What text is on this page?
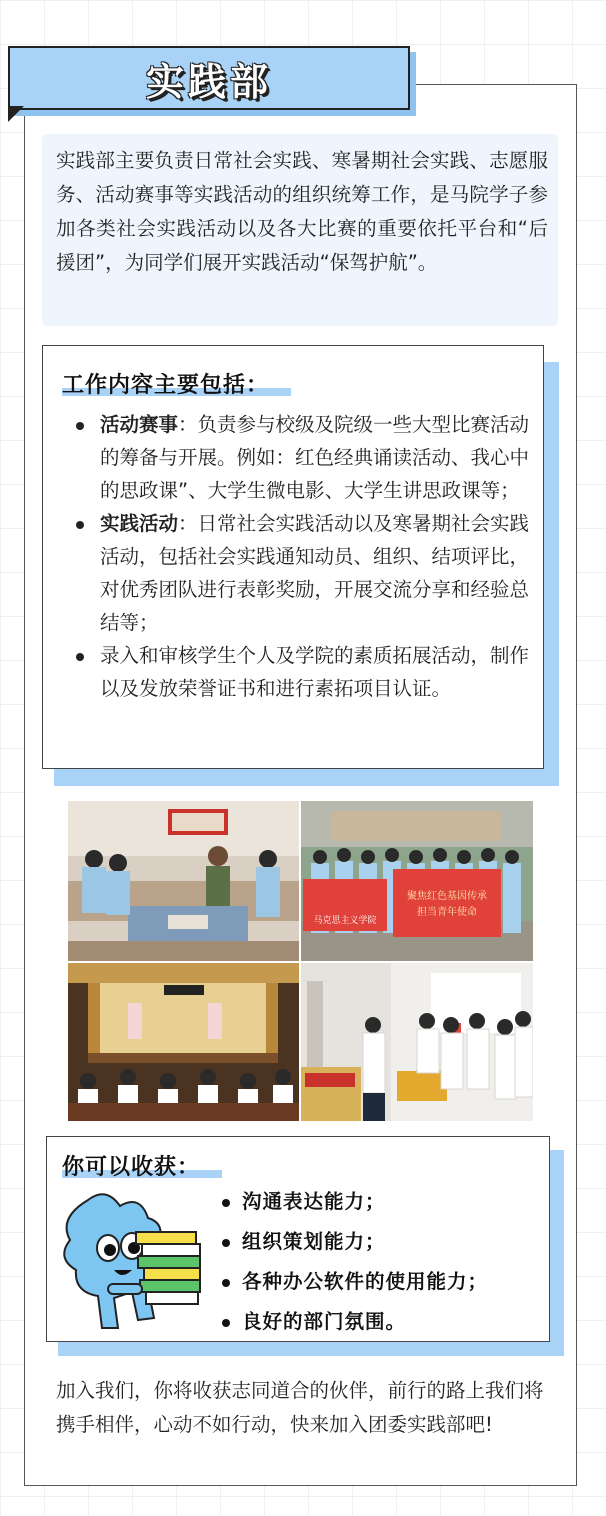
实践部
实践部主要负责日常社会实践、寒暑期社会实践、志愿服务、活动赛事等实践活动的组织统筹工作，是马院学子参加各类社会实践活动以及各大比赛的重要依托平台和“后援团”，为同学们展开实践活动“保驾护航”。
工作内容主要包括：
活动赛事：负责参与校级及院级一些大型比赛活动的筹备与开展。例如：红色经典诵读活动、我心中的思政课”、大学生微电影、大学生讲思政课等；
实践活动：日常社会实践活动以及寒暑期社会实践活动，包括社会实践通知动员、组织、结项评比，对优秀团队进行表彰奖励，开展交流分享和经验总结等；
录入和审核学生个人及学院的素质拓展活动，制作以及发放荣誉证书和进行素拓项目认证。
马克思主义学院
聚焦红色基因传承
担当青年使命
你可以收获：
沟通表达能力；
组织策划能力；
各种办公软件的使用能力；
良好的部门氛围。
加入我们，你将收获志同道合的伙伴，前行的路上我们将携手相伴，心动不如行动，快来加入团委实践部吧!
